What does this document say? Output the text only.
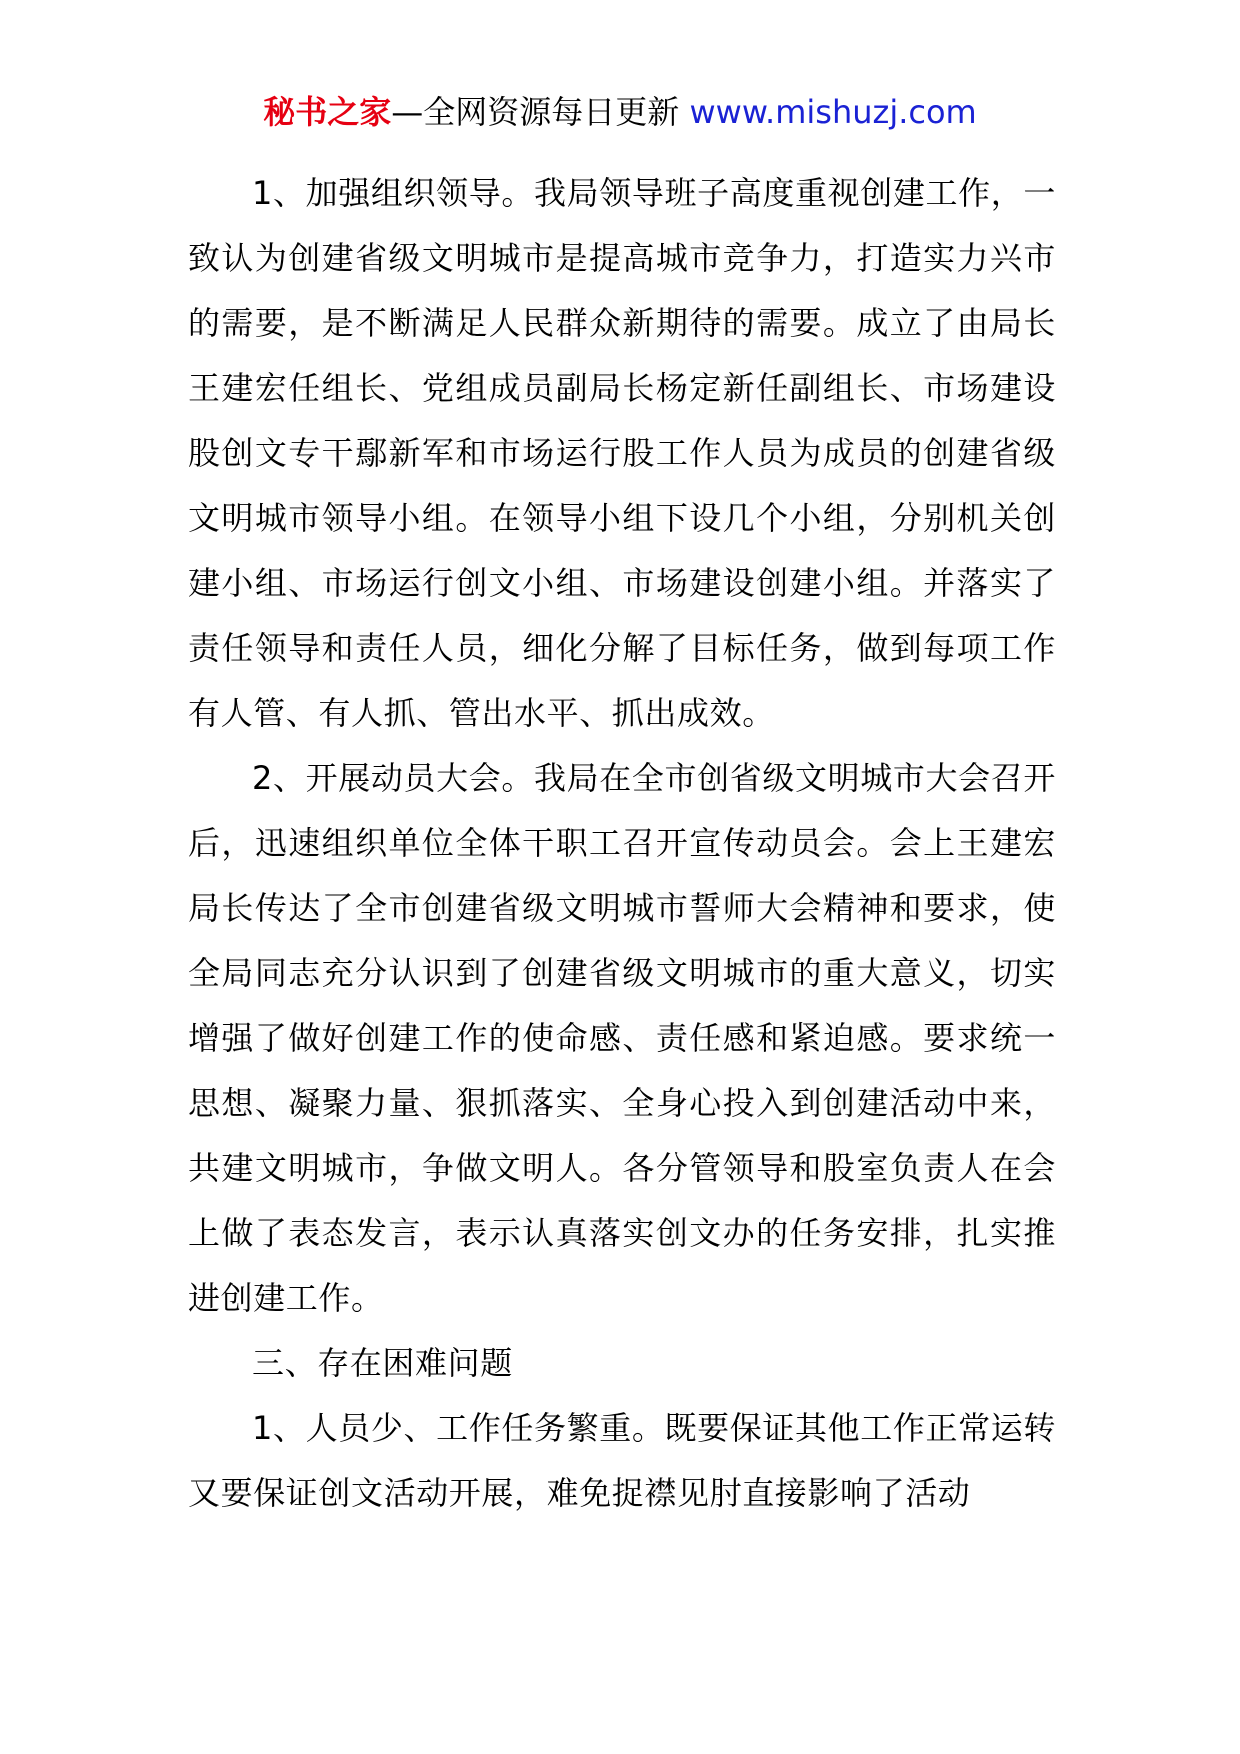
秘书之家—全网资源每日更新 www.mishuzj.com

1、加强组织领导。我局领导班子高度重视创建工作，一致认为创建省级文明城市是提高城市竞争力，打造实力兴市的需要，是不断满足人民群众新期待的需要。成立了由局长王建宏任组长、党组成员副局长杨定新任副组长、市场建设股创文专干鄢新军和市场运行股工作人员为成员的创建省级文明城市领导小组。在领导小组下设几个小组，分别机关创建小组、市场运行创文小组、市场建设创建小组。并落实了责任领导和责任人员，细化分解了目标任务，做到每项工作有人管、有人抓、管出水平、抓出成效。

2、开展动员大会。我局在全市创省级文明城市大会召开后，迅速组织单位全体干职工召开宣传动员会。会上王建宏局长传达了全市创建省级文明城市誓师大会精神和要求，使全局同志充分认识到了创建省级文明城市的重大意义，切实增强了做好创建工作的使命感、责任感和紧迫感。要求统一思想、凝聚力量、狠抓落实、全身心投入到创建活动中来，共建文明城市，争做文明人。各分管领导和股室负责人在会上做了表态发言，表示认真落实创文办的任务安排，扎实推进创建工作。

三、存在困难问题

1、人员少、工作任务繁重。既要保证其他工作正常运转又要保证创文活动开展，难免捉襟见肘直接影响了活动
